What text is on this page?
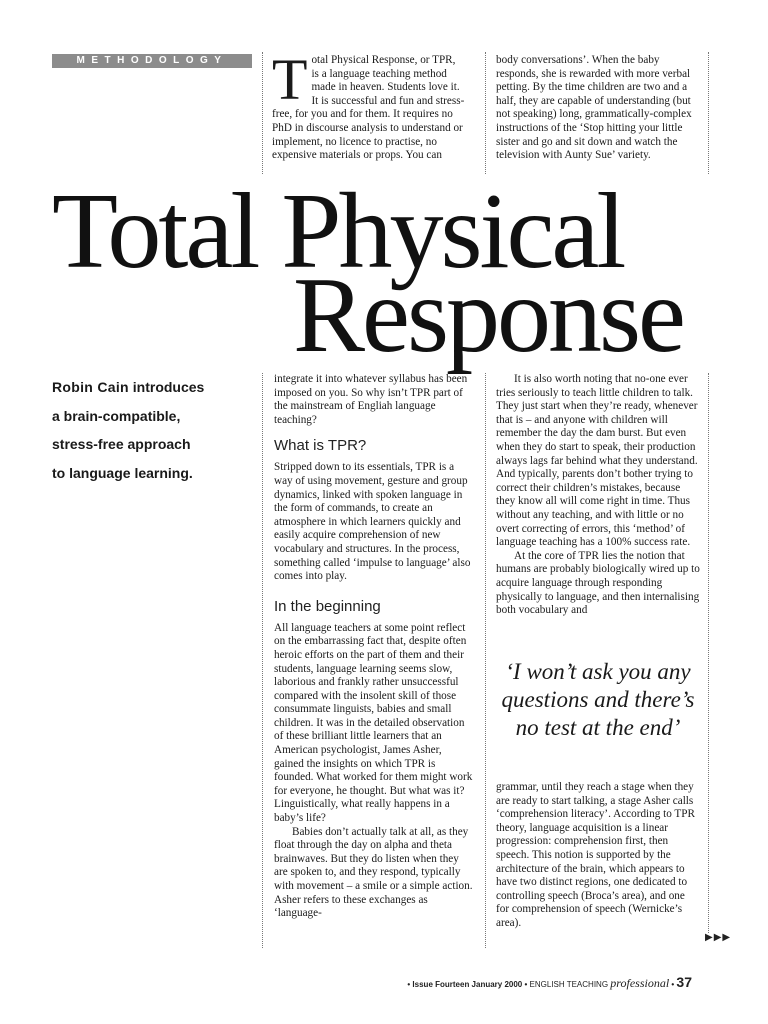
METHODOLOGY Total Physical Response, or TPR, is a language teaching method made in heaven. Students love it. It is successful and fun and stress-free, for you and for them. It requires no PhD in discourse analysis to understand or implement, no licence to practise, no expensive materials or props. You can
body conversations’. When the baby responds, she is rewarded with more verbal petting. By the time children are two and a half, they are capable of understanding (but not speaking) long, grammatically-complex instructions of the ‘Stop hitting your little sister and go and sit down and watch the television with Aunty Sue’ variety.
Total Physical
Response
Robin Cain introduces
a brain-compatible,
stress-free approach
to language learning.

integrate it into whatever syllabus has been imposed on you. So why isn’t TPR part of the mainstream of Engliah language teaching?

What is TPR?

Stripped down to its essentials, TPR is a way of using movement, gesture and group dynamics, linked with spoken language in the form of commands, to create an atmosphere in which learners quickly and easily acquire comprehension of new vocabulary and structures. In the process, something called ‘impulse to language’ also comes into play.

In the beginning

All language teachers at some point reflect on the embarrassing fact that, despite often heroic efforts on the part of them and their students, language learning seems slow, laborious and frankly rather unsuccessful compared with the insolent skill of those consummate linguists, babies and small children. It was in the detailed observation of these brilliant little learners that an American psychologist, James Asher, gained the insights on which TPR is founded. What worked for them might work for everyone, he thought. But what was it? Linguistically, what really happens in a baby’s life?

Babies don’t actually talk at all, as they float through the day on alpha and theta brainwaves. But they do listen when they are spoken to, and they respond, typically with movement – a smile or a simple action. Asher refers to these exchanges as ‘language-

It is also worth noting that no-one ever tries seriously to teach little children to talk. They just start when they’re ready, whenever that is – and anyone with children will remember the day the dam burst. But even when they do start to speak, their production always lags far behind what they understand. And typically, parents don’t bother trying to correct their children’s mistakes, because they know all will come right in time. Thus without any teaching, and with little or no overt correcting of errors, this ‘method’ of language teaching has a 100% success rate.

At the core of TPR lies the notion that humans are probably biologically wired up to acquire language through responding physically to language, and then internalising both vocabulary and

‘I won’t ask you any questions and there’s no test at the end’

grammar, until they reach a stage when they are ready to start talking, a stage Asher calls ‘comprehension literacy’. According to TPR theory, language acquisition is a linear progression: comprehension first, then speech. This notion is supported by the architecture of the brain, which appears to have two distinct regions, one dedicated to controlling speech (Broca’s area), and one for comprehension of speech (Wernicke’s area).

▶▶▶
• Issue Fourteen January 2000 • ENGLISH TEACHING professional • 37
